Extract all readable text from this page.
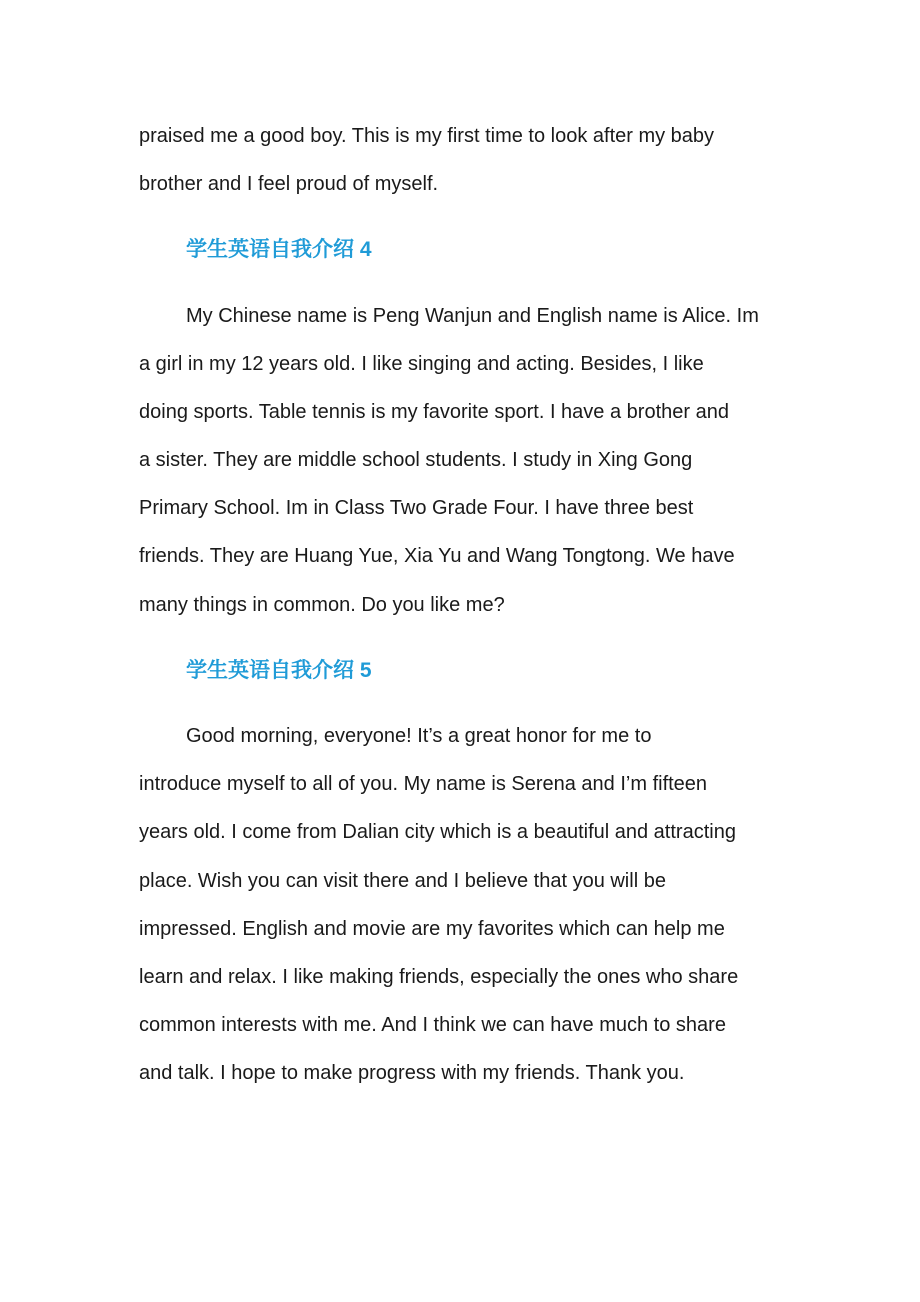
praised me a good boy. This is my first time to look after my baby
brother and I feel proud of myself.
学生英语自我介绍 4
My Chinese name is Peng Wanjun and English name is Alice. Im
a girl in my 12 years old. I like singing and acting. Besides, I like
doing sports. Table tennis is my favorite sport. I have a brother and
a sister. They are middle school students. I study in Xing Gong
Primary School. Im in Class Two Grade Four. I have three best
friends. They are Huang Yue, Xia Yu and Wang Tongtong. We have
many things in common. Do you like me?
学生英语自我介绍 5
Good morning, everyone! It’s a great honor for me to
introduce myself to all of you. My name is Serena and I’m fifteen
years old. I come from Dalian city which is a beautiful and attracting
place. Wish you can visit there and I believe that you will be
impressed. English and movie are my favorites which can help me
learn and relax. I like making friends, especially the ones who share
common interests with me. And I think we can have much to share
and talk. I hope to make progress with my friends. Thank you.
